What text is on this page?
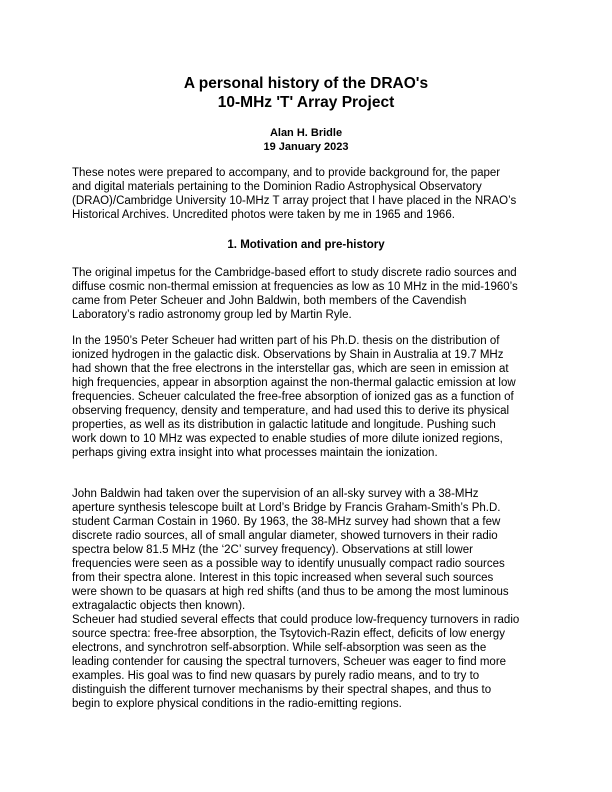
A personal history of the DRAO's
10-MHz 'T' Array Project
Alan H. Bridle
19 January 2023
These notes were prepared to accompany, and to provide background for, the paper
and digital materials pertaining to the Dominion Radio Astrophysical Observatory
(DRAO)/Cambridge University 10-MHz T array project that I have placed in the NRAO’s
Historical Archives. Uncredited photos were taken by me in 1965 and 1966.
1. Motivation and pre-history
The original impetus for the Cambridge-based effort to study discrete radio sources and
diffuse cosmic non-thermal emission at frequencies as low as 10 MHz in the mid-1960’s
came from Peter Scheuer and John Baldwin, both members of the Cavendish
Laboratory’s radio astronomy group led by Martin Ryle.
In the 1950’s Peter Scheuer had written part of his Ph.D. thesis on the distribution of
ionized hydrogen in the galactic disk. Observations by Shain in Australia at 19.7 MHz
had shown that the free electrons in the interstellar gas, which are seen in emission at
high frequencies, appear in absorption against the non-thermal galactic emission at low
frequencies. Scheuer calculated the free-free absorption of ionized gas as a function of
observing frequency, density and temperature, and had used this to derive its physical
properties, as well as its distribution in galactic latitude and longitude. Pushing such
work down to 10 MHz was expected to enable studies of more dilute ionized regions,
perhaps giving extra insight into what processes maintain the ionization.
John Baldwin had taken over the supervision of an all-sky survey with a 38-MHz
aperture synthesis telescope built at Lord’s Bridge by Francis Graham-Smith’s Ph.D.
student Carman Costain in 1960. By 1963, the 38-MHz survey had shown that a few
discrete radio sources, all of small angular diameter, showed turnovers in their radio
spectra below 81.5 MHz (the ‘2C’ survey frequency). Observations at still lower
frequencies were seen as a possible way to identify unusually compact radio sources
from their spectra alone. Interest in this topic increased when several such sources
were shown to be quasars at high red shifts (and thus to be among the most luminous
extragalactic objects then known).
Scheuer had studied several effects that could produce low-frequency turnovers in radio
source spectra: free-free absorption, the Tsytovich-Razin effect, deficits of low energy
electrons, and synchrotron self-absorption. While self-absorption was seen as the
leading contender for causing the spectral turnovers, Scheuer was eager to find more
examples. His goal was to find new quasars by purely radio means, and to try to
distinguish the different turnover mechanisms by their spectral shapes, and thus to
begin to explore physical conditions in the radio-emitting regions.
